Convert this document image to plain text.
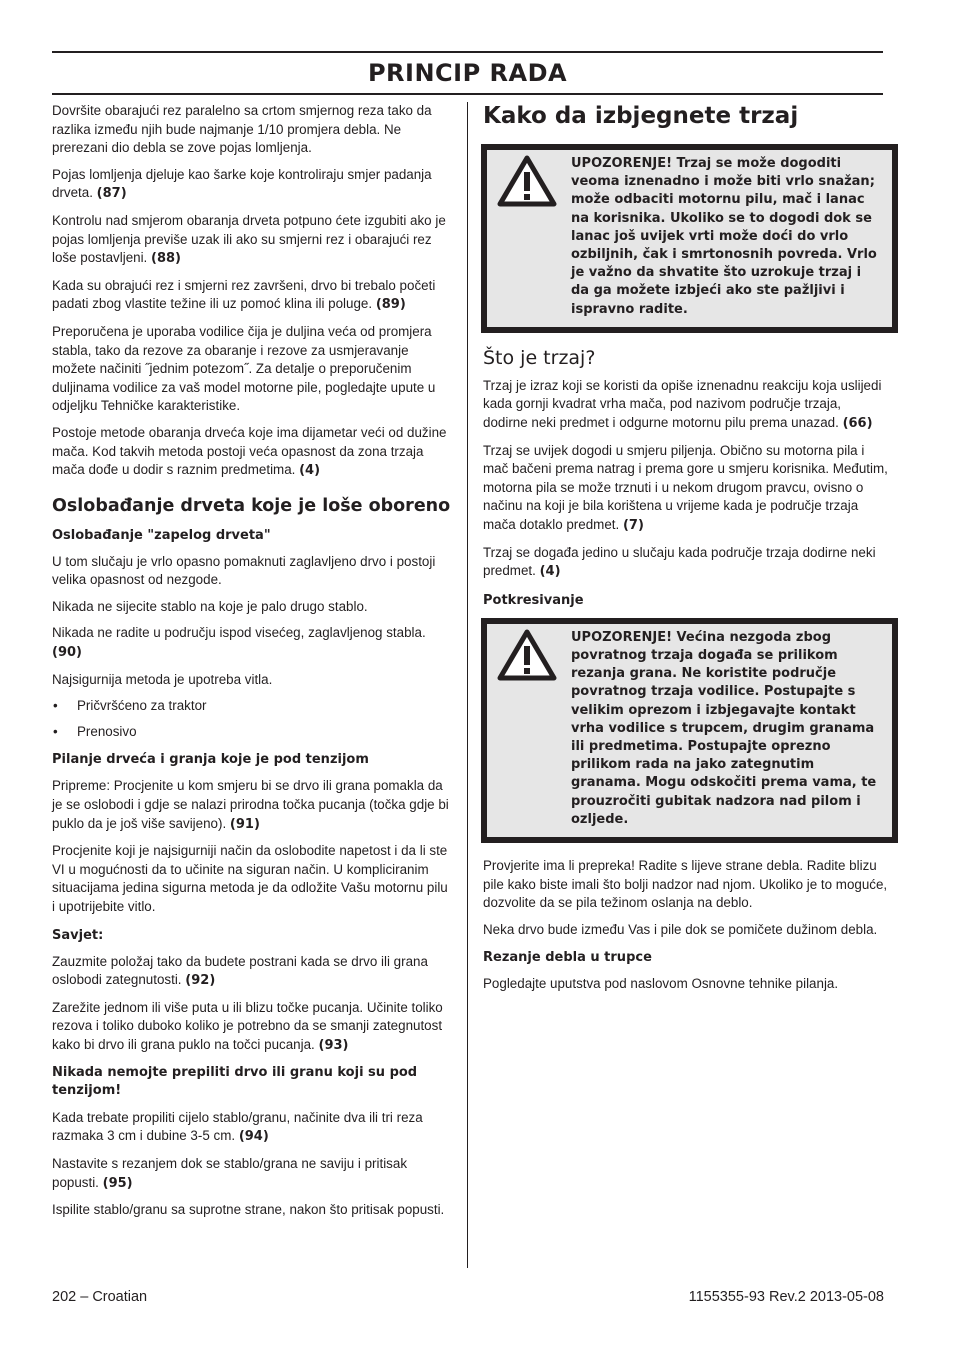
PRINCIP RADA

Dovršite obarajući rez paralelno sa crtom smjernog reza tako da razlika između njih bude najmanje 1/10 promjera debla. Ne prerezani dio debla se zove pojas lomljenja.

Pojas lomljenja djeluje kao šarke koje kontroliraju smjer padanja drveta. (87)

Kontrolu nad smjerom obaranja drveta potpuno ćete izgubiti ako je pojas lomljenja previše uzak ili ako su smjerni rez i obarajući rez loše postavljeni. (88)

Kada su obrajući rez i smjerni rez završeni, drvo bi trebalo početi padati zbog vlastite težine ili uz pomoć klina ili poluge. (89)

Preporučena je uporaba vodilice čija je duljina veća od promjera stabla, tako da rezove za obaranje i rezove za usmjeravanje možete načiniti ˝jednim potezom˝. Za detalje o preporučenim duljinama vodilice za vaš model motorne pile, pogledajte upute u odjeljku Tehničke karakteristike.

Postoje metode obaranja drveća koje ima dijametar veći od dužine mača. Kod takvih metoda postoji veća opasnost da zona trzaja mača dođe u dodir s raznim predmetima. (4)

Oslobađanje drveta koje je loše oboreno
Oslobađanje "zapelog drveta"

U tom slučaju je vrlo opasno pomaknuti zaglavljeno drvo i postoji velika opasnost od nezgode.

Nikada ne sijecite stablo na koje je palo drugo stablo.

Nikada ne radite u području ispod visećeg, zaglavljenog stabla. (90)

Najsigurnija metoda je upotreba vitla.

• Pričvršćeno za traktor
• Prenosivo
Pilanje drveća i granja koje je pod tenzijom

Pripreme: Procjenite u kom smjeru bi se drvo ili grana pomakla da je se oslobodi i gdje se nalazi prirodna točka pucanja (točka gdje bi puklo da je još više savijeno). (91)

Procjenite koji je najsigurniji način da oslobodite napetost i da li ste VI u mogućnosti da to učinite na siguran način. U kompliciranim situacijama jedina sigurna metoda je da odložite Vašu motornu pilu i upotrijebite vitlo.

Savjet:

Zauzmite položaj tako da budete postrani kada se drvo ili grana oslobodi zategnutosti. (92)

Zarežite jednom ili više puta u ili blizu točke pucanja. Učinite toliko rezova i toliko duboko koliko je potrebno da se smanji zategnutost kako bi drvo ili grana puklo na točci pucanja. (93)

Nikada nemojte prepiliti drvo ili granu koji su pod tenzijom!

Kada trebate propiliti cijelo stablo/granu, načinite dva ili tri reza razmaka 3 cm i dubine 3-5 cm. (94)

Nastavite s rezanjem dok se stablo/grana ne saviju i pritisak popusti. (95)

Ispilite stablo/granu sa suprotne strane, nakon što pritisak popusti.

Kako da izbjegnete trzaj
UPOZORENJE! Trzaj se može dogoditi veoma iznenadno i može biti vrlo snažan; može odbaciti motornu pilu, mač i lanac na korisnika. Ukoliko se to dogodi dok se lanac još uvijek vrti može doći do vrlo ozbiljnih, čak i smrtonosnih povreda. Vrlo je važno da shvatite što uzrokuje trzaj i da ga možete izbjeći ako ste pažljivi i ispravno radite.
Što je trzaj?

Trzaj je izraz koji se koristi da opiše iznenadnu reakciju koja uslijedi kada gornji kvadrat vrha mača, pod nazivom područje trzaja, dodirne neki predmet i odgurne motornu pilu prema unazad. (66)

Trzaj se uvijek dogodi u smjeru piljenja. Obično su motorna pila i mač bačeni prema natrag i prema gore u smjeru korisnika. Međutim, motorna pila se može trznuti i u nekom drugom pravcu, ovisno o načinu na koji je bila korištena u vrijeme kada je područje trzaja mača dotaklo predmet. (7)

Trzaj se događa jedino u slučaju kada područje trzaja dodirne neki predmet. (4)

Potkresivanje
UPOZORENJE! Većina nezgoda zbog povratnog trzaja događa se prilikom rezanja grana. Ne koristite područje povratnog trzaja vodilice. Postupajte s velikim oprezom i izbjegavajte kontakt vrha vodilice s trupcem, drugim granama ili predmetima. Postupajte oprezno prilikom rada na jako zategnutim granama. Mogu odskočiti prema vama, te prouzročiti gubitak nadzora nad pilom i ozljede.

Provjerite ima li prepreka! Radite s lijeve strane debla. Radite blizu pile kako biste imali što bolji nadzor nad njom. Ukoliko je to moguće, dozvolite da se pila težinom oslanja na deblo.

Neka drvo bude između Vas i pile dok se pomičete dužinom debla.

Rezanje debla u trupce

Pogledajte uputstva pod naslovom Osnovne tehnike pilanja.

202 – Croatian	1155355-93 Rev.2 2013-05-08
